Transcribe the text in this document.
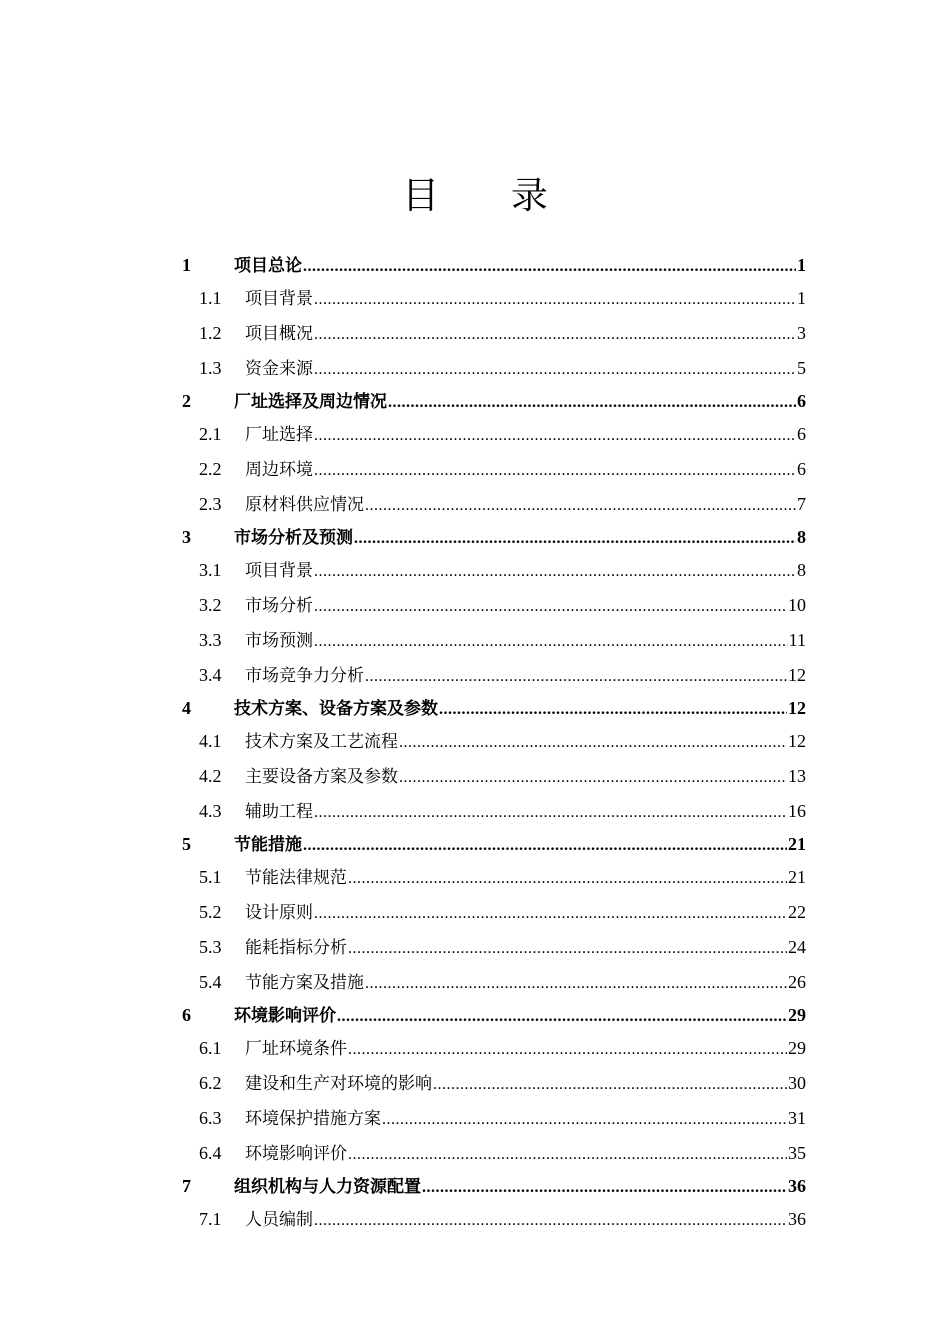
目 录
1	项目总论 .....	1
1.1	项目背景 .....	1
1.2	项目概况 .....	3
1.3	资金来源 .....	5
2	厂址选择及周边情况 .....	6
2.1	厂址选择 .....	6
2.2	周边环境 .....	6
2.3	原材料供应情况 .....	7
3	市场分析及预测 .....	8
3.1	项目背景 .....	8
3.2	市场分析 .....	10
3.3	市场预测 .....	11
3.4	市场竞争力分析 .....	12
4	技术方案、设备方案及参数 .....	12
4.1	技术方案及工艺流程 .....	12
4.2	主要设备方案及参数 .....	13
4.3	辅助工程 .....	16
5	节能措施 .....	21
5.1	节能法律规范 .....	21
5.2	设计原则 .....	22
5.3	能耗指标分析 .....	24
5.4	节能方案及措施 .....	26
6	环境影响评价 .....	29
6.1	厂址环境条件 .....	29
6.2	建设和生产对环境的影响 .....	30
6.3	环境保护措施方案 .....	31
6.4	环境影响评价 .....	35
7	组织机构与人力资源配置 .....	36
7.1	人员编制 .....	36
